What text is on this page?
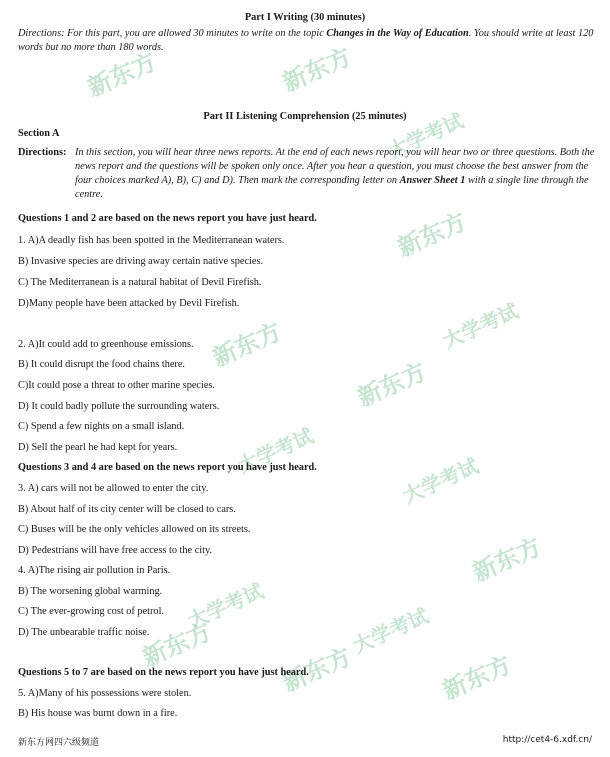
新东方	新东方
大学考试
新东方
新东方	大学考试
新东方
大学考试
大学考试
新东方
大学考试	大学考试
新东方	新东方	新东方
Part I Writing (30 minutes)
Directions: For this part, you are allowed 30 minutes to write on the topic Changes in the Way of Education. You should write at least 120 words but no more than 180 words.
Part II Listening Comprehension (25 minutes)
Section A
Directions: In this section, you will hear three news reports. At the end of each news report, you will hear two or three questions. Both the news report and the questions will be spoken only once. After you hear a question, you must choose the best answer from the four choices marked A), B), C) and D). Then mark the corresponding letter on Answer Sheet 1 with a single line through the centre.
Questions 1 and 2 are based on the news report you have just heard.
1. A)A deadly fish has been spotted in the Mediterranean waters.
B) Invasive species are driving away certain native species.
C) The Mediterranean is a natural habitat of Devil Firefish.
D)Many people have been attacked by Devil Firefish.
2. A)It could add to greenhouse emissions.
B) It could disrupt the food chains there.
C)It could pose a threat to other marine species.
D) It could badly pollute the surrounding waters.
C) Spend a few nights on a small island.
D) Sell the pearl he had kept for years.
Questions 3 and 4 are based on the news report you have just heard.
3. A) cars will not be allowed to enter the city.
B) About half of its city center will be closed to cars.
C) Buses will be the only vehicles allowed on its streets.
D) Pedestrians will have free access to the city.
4. A)The rising air pollution in Paris.
B) The worsening global warming.
C) The ever-growing cost of petrol.
D) The unbearable traffic noise.
Questions 5 to 7 are based on the news report you have just heard.
5. A)Many of his possessions were stolen.
B) His house was burnt down in a fire.
新东方网四六级频道	http://cet4-6.xdf.cn/
